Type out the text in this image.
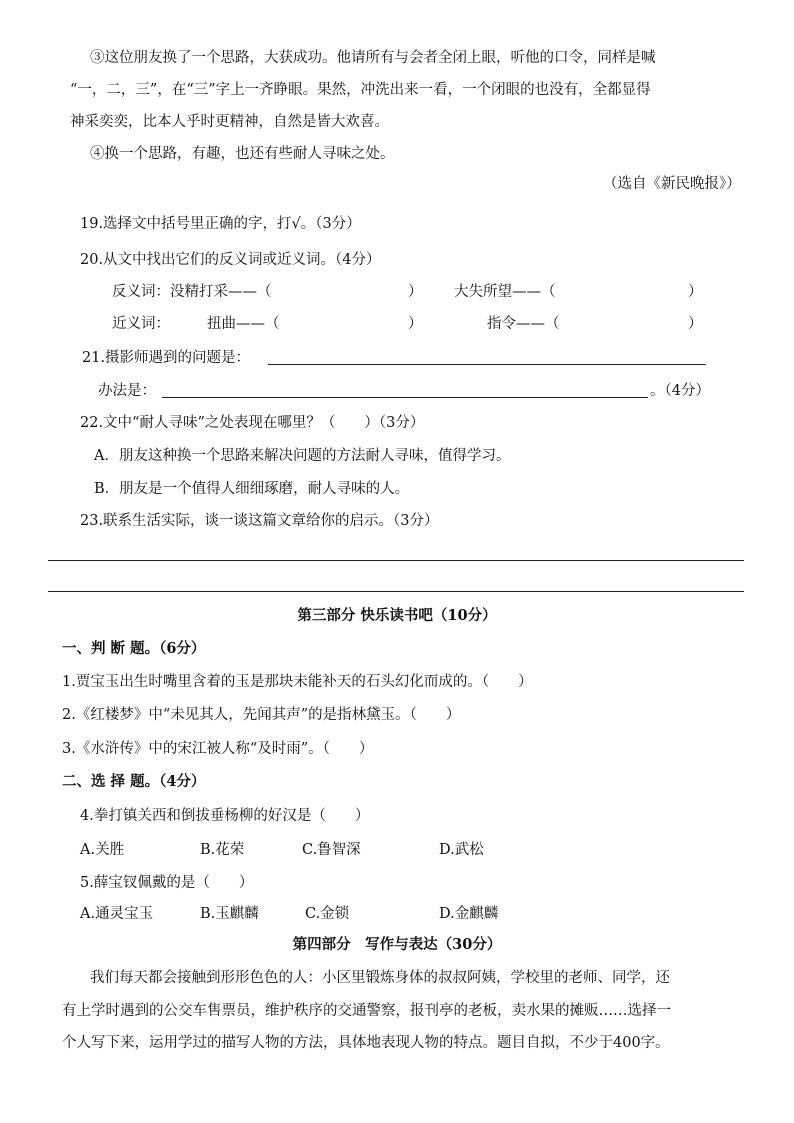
③这位朋友换了一个思路，大获成功。他请所有与会者全闭上眼，听他的口令，同样是喊
“一，二，三”，在“三”字上一齐睁眼。果然，冲洗出来一看，一个闭眼的也没有，全都显得
神采奕奕，比本人乎时更精神，自然是皆大欢喜。
④换一个思路，有趣，也还有些耐人寻味之处。
（选自《新民晚报》）
19.选择文中括号里正确的字，打√。（3分）
20.从文中找出它们的反义词或近义词。（4分）
反义词：没精打采——（	） 大失所望——（	）
近义词：	扭曲——（	）	指令——（	）
21.摄影师遇到的问题是：
办法是：	。（4分）
22.文中“耐人寻味”之处表现在哪里？（　　）（3分）
A．朋友这种换一个思路来解决问题的方法耐人寻味，值得学习。
B．朋友是一个值得人细细琢磨，耐人寻味的人。
23.联系生活实际，谈一谈这篇文章给你的启示。（3分）
第三部分 快乐读书吧（10分）
一、判 断 题。（6分）
1.贾宝玉出生时嘴里含着的玉是那块未能补天的石头幻化而成的。（　　）
2.《红楼梦》中“未见其人，先闻其声”的是指林黛玉。（　　）
3.《水浒传》中的宋江被人称“及时雨”。（　　）
二、选 择 题。（4分）
4.拳打镇关西和倒拔垂杨柳的好汉是（　　）
A.关胜	B.花荣	C.鲁智深	D.武松
5.薛宝钗佩戴的是（　　）
A.通灵宝玉	B.玉麒麟	C.金锁	D.金麒麟
第四部分　写作与表达（30分）
我们每天都会接触到形形色色的人：小区里锻炼身体的叔叔阿姨，学校里的老师、同学，还
有上学时遇到的公交车售票员，维护秩序的交通警察，报刊亭的老板，卖水果的摊贩……选择一
个人写下来，运用学过的描写人物的方法，具体地表现人物的特点。题目自拟，不少于400字。
